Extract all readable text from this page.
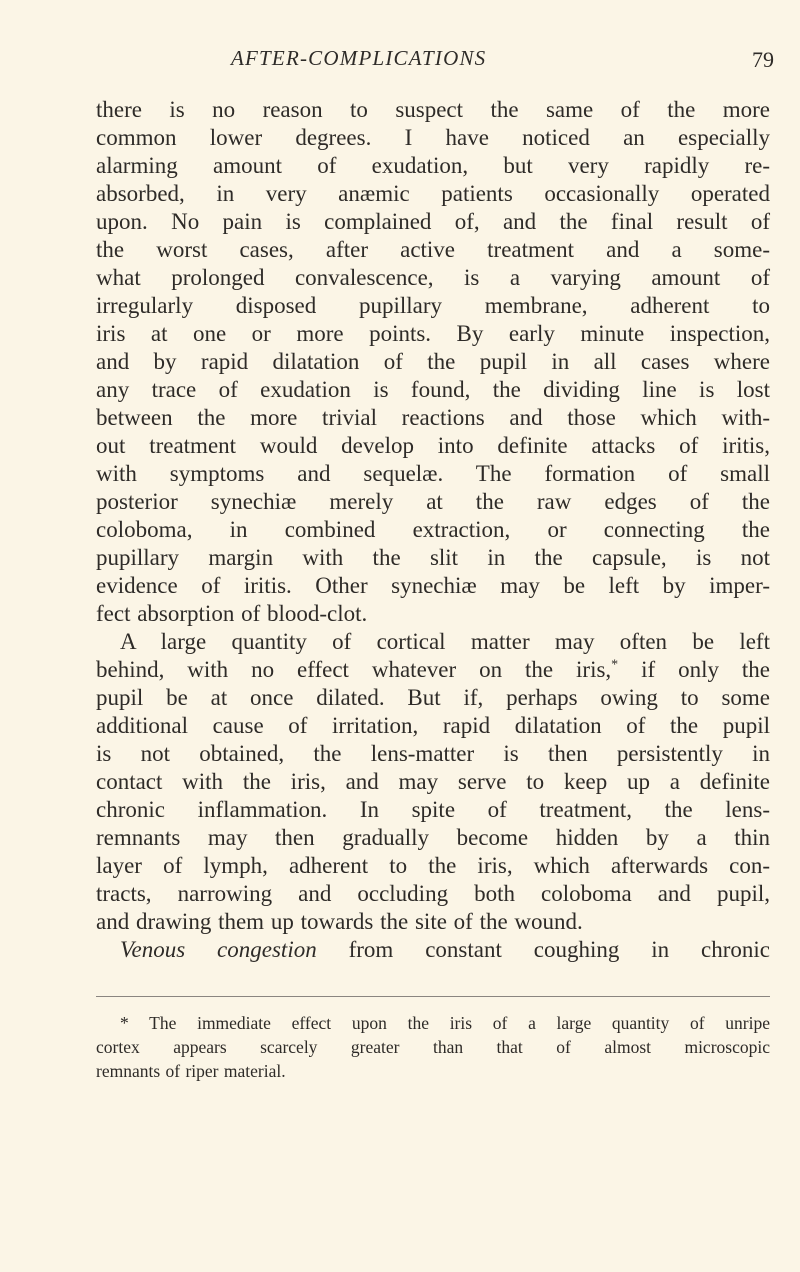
AFTER-COMPLICATIONS	79
there is no reason to suspect the same of the more
common lower degrees. I have noticed an especially
alarming amount of exudation, but very rapidly re-
absorbed, in very anæmic patients occasionally operated
upon. No pain is complained of, and the final result of
the worst cases, after active treatment and a some-
what prolonged convalescence, is a varying amount of
irregularly disposed pupillary membrane, adherent to
iris at one or more points. By early minute inspection,
and by rapid dilatation of the pupil in all cases where
any trace of exudation is found, the dividing line is lost
between the more trivial reactions and those which with-
out treatment would develop into definite attacks of iritis,
with symptoms and sequelæ. The formation of small
posterior synechiæ merely at the raw edges of the
coloboma, in combined extraction, or connecting the
pupillary margin with the slit in the capsule, is not
evidence of iritis. Other synechiæ may be left by imper-
fect absorption of blood-clot.
A large quantity of cortical matter may often be left
behind, with no effect whatever on the iris,* if only the
pupil be at once dilated. But if, perhaps owing to some
additional cause of irritation, rapid dilatation of the pupil
is not obtained, the lens-matter is then persistently in
contact with the iris, and may serve to keep up a definite
chronic inflammation. In spite of treatment, the lens-
remnants may then gradually become hidden by a thin
layer of lymph, adherent to the iris, which afterwards con-
tracts, narrowing and occluding both coloboma and pupil,
and drawing them up towards the site of the wound.
Venous congestion from constant coughing in chronic
* The immediate effect upon the iris of a large quantity of unripe
cortex appears scarcely greater than that of almost microscopic
remnants of riper material.
